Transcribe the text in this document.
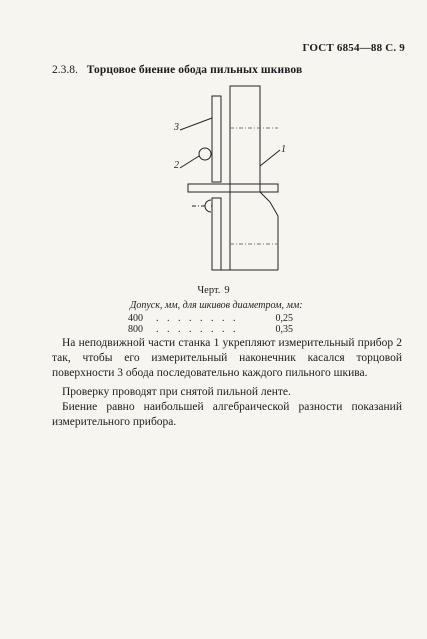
ГОСТ 6854—88 С. 9
2.3.8. Торцовое биение обода пильных шкивов
3
2
1
Черт. 9
Допуск, мм, для шкивов диаметром, мм:
400	. . . . . . . .	0,25
800	. . . . . . . .	0,35
На неподвижной части станка 1 укрепляют измерительный прибор 2 так, чтобы его измерительный наконечник касался торцовой поверхности 3 обода последовательно каждого пильного шкива.
Проверку проводят при снятой пильной ленте.
Биение равно наибольшей алгебраической разности показаний измерительного прибора.
